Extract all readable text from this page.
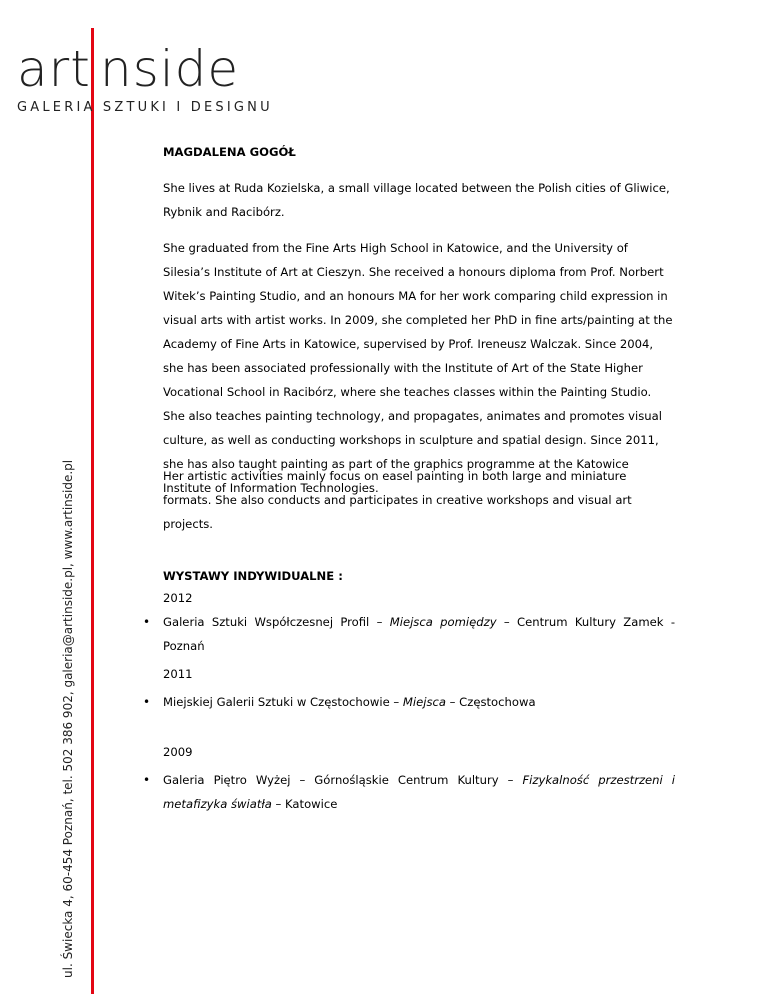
art nside
GALERIA SZTUKI I DESIGNU
ul. Świecka 4, 60-454 Poznań, tel. 502 386 902, galeria@artinside.pl, www.artinside.pl
MAGDALENA GOGÓŁ
She lives at Ruda Kozielska, a small village located between the Polish cities of Gliwice, Rybnik and Racibórz.
She graduated from the Fine Arts High School in Katowice, and the University of Silesia’s Institute of Art at Cieszyn. She received a honours diploma from Prof. Norbert Witek’s Painting Studio, and an honours MA for her work comparing child expression in visual arts with artist works. In 2009, she completed her PhD in fine arts/painting at the Academy of Fine Arts in Katowice, supervised by Prof. Ireneusz Walczak. Since 2004, she has been associated professionally with the Institute of Art of the State Higher Vocational School in Racibórz, where she teaches classes within the Painting Studio. She also teaches painting technology, and propagates, animates and promotes visual culture, as well as conducting workshops in sculpture and spatial design. Since 2011, she has also taught painting as part of the graphics programme at the Katowice Institute of Information Technologies.
Her artistic activities mainly focus on easel painting in both large and miniature formats. She also conducts and participates in creative workshops and visual art projects.
WYSTAWY INDYWIDUALNE :
2012
• Galeria Sztuki Współczesnej Profil – Miejsca pomiędzy – Centrum Kultury Zamek - Poznań
2011
• Miejskiej Galerii Sztuki w Częstochowie – Miejsca – Częstochowa
2009
• Galeria Piętro Wyżej – Górnośląskie Centrum Kultury – Fizykalność przestrzeni i metafizyka światła – Katowice
